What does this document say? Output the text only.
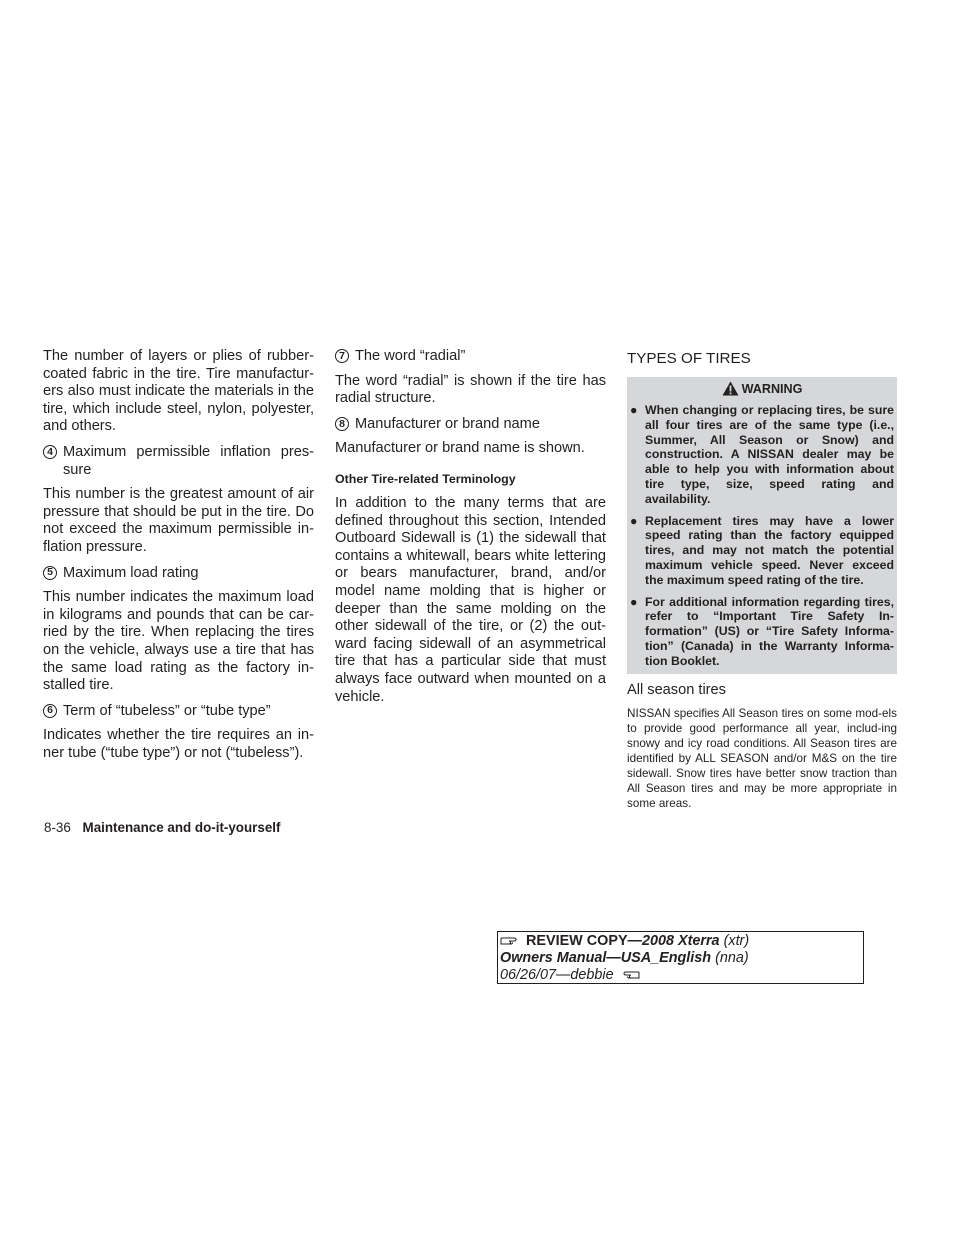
The number of layers or plies of rubber-coated fabric in the tire. Tire manufactur-ers also must indicate the materials in the tire, which include steel, nylon, polyester, and others.

4 Maximum permissible inflation pres-sure

This number is the greatest amount of air pressure that should be put in the tire. Do not exceed the maximum permissible in-flation pressure.

5 Maximum load rating

This number indicates the maximum load in kilograms and pounds that can be car-ried by the tire. When replacing the tires on the vehicle, always use a tire that has the same load rating as the factory in-stalled tire.

6 Term of “tubeless” or “tube type”

Indicates whether the tire requires an in-ner tube (“tube type”) or not (“tubeless”).

7 The word “radial”

The word “radial” is shown if the tire has radial structure.

8 Manufacturer or brand name

Manufacturer or brand name is shown.

Other Tire-related Terminology

In addition to the many terms that are defined throughout this section, Intended Outboard Sidewall is (1) the sidewall that contains a whitewall, bears white lettering or bears manufacturer, brand, and/or model name molding that is higher or deeper than the same molding on the other sidewall of the tire, or (2) the out-ward facing sidewall of an asymmetrical tire that has a particular side that must always face outward when mounted on a vehicle.

TYPES OF TIRES
WARNING
● When changing or replacing tires, be sure all four tires are of the same type (i.e., Summer, All Season or Snow) and construction. A NISSAN dealer may be able to help you with information about tire type, size, speed rating and availability.
● Replacement tires may have a lower speed rating than the factory equipped tires, and may not match the potential maximum vehicle speed. Never exceed the maximum speed rating of the tire.
● For additional information regarding tires, refer to “Important Tire Safety In-formation” (US) or “Tire Safety Informa-tion” (Canada) in the Warranty Informa-tion Booklet.
All season tires

NISSAN specifies All Season tires on some mod-els to provide good performance all year, includ-ing snowy and icy road conditions. All Season tires are identified by ALL SEASON and/or M&S on the tire sidewall. Snow tires have better snow traction than All Season tires and may be more appropriate in some areas.

8-36 Maintenance and do-it-yourself
REVIEW COPY—2008 Xterra (xtr)
Owners Manual—USA_English (nna)
06/26/07—debbie
